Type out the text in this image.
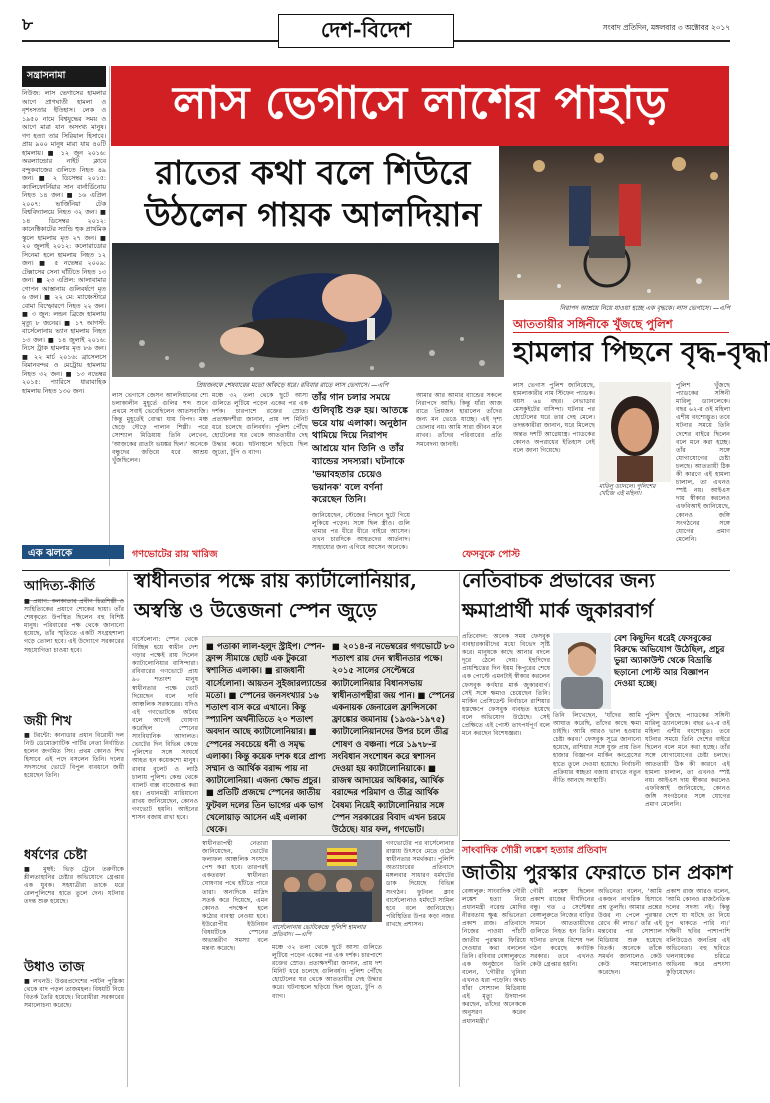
৮	দেশ-বিদেশ	সংবাদ প্রতিদিন, মঙ্গলবার ৩ অক্টোবর ২০১৭
সন্ত্রাসনামা
নিউজ: লাস ভেগাসের হামলার আগে প্রাণঘাতী হামলা ও নৃশংসতার ইতিহাস। লেক ও ১৯৫০ নামে বিশ্বযুদ্ধের সময় ও আগে মারা যান অসংখ্য মানুষ। গণ হত্যা তার সিরিয়াল হিসাবে। প্রায় ৯০০ মানুষ মারা যায় ৪০টি হামলায়। ■ ১২ জুন ২০১৬: অরল্যান্ডোর নাইট ক্লাবে বন্দুকবাজের গুলিতে নিহত ৪৯ জন। ■ ২ ডিসেম্বর ২০১৫: ক্যালিফোর্নিয়ার সান বার্নার্ডিনোয় নিহত ১৪ জন। ■ ১৬ এপ্রিল ২০০৭: ভার্জিনিয়া টেক বিশ্ববিদ্যালয়ে নিহত ৩২ জন। ■ ১৪ ডিসেম্বর ২০১২: কানেক্টিকাটের স্যান্ডি হুক প্রাথমিক স্কুলে হামলায় মৃত ২৭ জন। ■ ২০ জুলাই ২০১২: কলোরাডোর সিনেমা হলে হামলায় নিহত ১২ জন। ■ ৫ নভেম্বর ২০০৯: টেক্সাসের সেনা ঘাঁটিতে নিহত ১৩ জন। ■ ২৩ এপ্রিল: আলাবামার গোপন আস্তানায় গুলিবর্ষণে মৃত ৬ জন। ■ ২২ মে: ম্যাঞ্চেস্টারে বোমা বিস্ফোরণে নিহত ২২ জন। ■ ৩ জুন: লন্ডন ব্রিজে হামলায় মৃত্যু ৮ জনের। ■ ১৭ আগস্ট: বার্সেলোনায় ভ্যান হামলায় নিহত ১৩ জন। ■ ১৪ জুলাই ২০১৬: নিসে ট্রাক হামলায় মৃত ৮৬ জন। ■ ২২ মার্চ ২০১৬: ব্রাসেলসে বিমানবন্দর ও মেট্রোয় হামলায় নিহত ৩২ জন। ■ ১৩ নভেম্বর ২০১৫: প্যারিসে ধারাবাহিক হামলায় নিহত ১৩০ জন।
লাস ভেগাসে লাশের পাহাড়
রাতের কথা বলে শিউরে উঠলেন গায়ক আলদিয়ান
প্রিয়জনকে শেষবারের মতো আঁকড়ে ধরে। রবিবার রাতে লাস ভেগাসে। —এপি
লাস ভেগাসে জেসন আলদিয়ানের শো চলাকালীন মুহূর্তে গুলির শব্দ শুনে প্রথমে সবাই ভেবেছিলেন আতসবাজি। কিন্তু মুহূর্তেই বোঝা যায় বিপদ। মঞ্চ ছেড়ে দৌড়ে পালান শিল্পী। পরে সোশ্যাল মিডিয়ায় তিনি লেখেন, 'আজকের রাতটা ভয়ঙ্কর ছিল।' অনেকে বন্ধুদের জড়িয়ে ধরে আশ্রয় খুঁজছিলেন।
মঞ্চে ৩২ তলা থেকে ছুটে আসা গুলিতে লুটিয়ে পড়েন একের পর এক দর্শক। চারপাশে রক্তের স্রোত। প্রত্যক্ষদর্শীরা জানান, প্রায় দশ মিনিট ধরে চলেছে গুলিবর্ষণ। পুলিশ পৌঁছে হোটেলের ঘর থেকে আততায়ীর দেহ উদ্ধার করে। ঘটনাস্থলে ছড়িয়ে ছিল জুতো, টুপি ও ব্যাগ।
তাঁর গান চলার সময়ে গুলিবৃষ্টি শুরু হয়। আতঙ্কে ভরে যায় এলাকা। অনুষ্ঠান থামিয়ে দিয়ে নিরাপদ আশ্রয়ে যান তিনি ও তাঁর ব্যান্ডের সদস্যরা। ঘটনাকে 'ভয়াবহতার চেয়েও ভয়ানক' বলে বর্ণনা করেছেন তিনি।
জানিয়েছেন, স্টেজের পিছনে ছুটে গিয়ে লুকিয়ে পড়েন। সঙ্গে ছিল স্ত্রীও। গুলি থামার পর ধীরে ধীরে বাইরে আসেন। তখন চারদিকে আহতদের আর্তনাদ। সাহায্যের জন্য এগিয়ে আসেন অনেকে।
আমার আর আমার ব্যান্ডের সকলে নিরাপদে আছি। কিন্তু যাঁরা আজ রাতে প্রিয়জন হারালেন তাঁদের জন্য মন ভেঙে যাচ্ছে। এই দৃশ্য ভোলার নয়। আমি সারা জীবন মনে রাখব। তাঁদের পরিবারের প্রতি সমবেদনা জানাই।
নিরাপদ আশ্রয়ে নিয়ে যাওয়া হচ্ছে এক বৃদ্ধকে। লাস ভেগাসে। —এপি
আততায়ীর সঙ্গিনীকে খুঁজছে পুলিশ
হামলার পিছনে বৃদ্ধ-বৃদ্ধা
লাস ভেগাস পুলিশ জানিয়েছে, হামলাকারীর নাম স্টিফেন প্যাডক। বয়স ৬৪ বছর। নেভাডার মেসকুইটের বাসিন্দা। ঘটনার পর হোটেলের ঘরে তার দেহ মেলে। তদন্তকারীরা জানান, ঘরে মিলেছে অন্তত দশটি আগ্নেয়াস্ত্র। প্যাডকের কোনও অপরাধের ইতিহাস নেই বলে জানা গিয়েছে।
মারিলু ড্যানলে। পুলিশের খোঁজে এই মহিলা।
পুলিশ খুঁজছে প্যাডকের সঙ্গিনী মারিলু ড্যানলেকে। বছর ৬২-র ওই মহিলা এশীয় বংশোদ্ভূত। তবে ঘটনার সময়ে তিনি দেশের বাইরে ছিলেন বলে মনে করা হচ্ছে। তাঁর সঙ্গে যোগাযোগের চেষ্টা চলছে। আততায়ী ঠিক কী কারণে এই হামলা চালাল, তা এখনও স্পষ্ট নয়। আইএস দায় স্বীকার করলেও এফবিআই জানিয়েছে, কোনও জঙ্গি সংগঠনের সঙ্গে যোগের প্রমাণ মেলেনি।
এক ঝলকে
আদিত্য-কীর্তি
■ প্রয়াণ: কলকাতার প্রবীণ চিত্রশিল্পী ও সাহিত্যিকের প্রয়াণে শোকের ছায়া। তাঁর শেষকৃত্যে উপস্থিত ছিলেন বহু বিশিষ্ট মানুষ। পরিবারের পক্ষ থেকে জানানো হয়েছে, তাঁর স্মৃতিতে একটি সংগ্রহশালা গড়ে তোলা হবে। এই উদ্যোগে সরকারের সহযোগিতা চাওয়া হবে।
জয়ী শিখ
■ টরন্টো: কানাডার প্রধান বিরোধী দল নিউ ডেমোক্র্যাটিক পার্টির নেতা নির্বাচিত হলেন জগমিত সিং। প্রথম কোনও শিখ হিসাবে এই পদে বসলেন তিনি। দলের সদস্যদের ভোটে বিপুল ব্যবধানে জয়ী হয়েছেন তিনি।
ধর্ষণের চেষ্টা
■ মুম্বই: ভিড় ট্রেনে তরুণীকে শ্লীলতাহানির চেষ্টার অভিযোগে গ্রেপ্তার এক যুবক। সহযাত্রীরা তাকে ধরে রেলপুলিশের হাতে তুলে দেন। ঘটনার তদন্ত শুরু হয়েছে।
উধাও তাজ
■ লখনউ: উত্তরপ্রদেশের পর্যটন পুস্তিকা থেকে বাদ পড়ল তাজমহল। বিষয়টি নিয়ে বিতর্ক তৈরি হয়েছে। বিরোধীরা সরকারের সমালোচনা করেছে।
গণভোটের রায় খারিজ
স্বাধীনতার পক্ষে রায় ক্যাটালোনিয়ার, অস্বস্তি ও উত্তেজনা স্পেন জুড়ে
বার্সেলোনা: স্পেন থেকে বিচ্ছিন্ন হয়ে স্বাধীন দেশ গড়ার পক্ষেই রায় দিলেন ক্যাটালোনিয়ার বাসিন্দারা। রবিবারের গণভোটে প্রায় ৯০ শতাংশ মানুষ স্বাধীনতার পক্ষে ভোট দিয়েছেন বলে দাবি আঞ্চলিক সরকারের। যদিও এই গণভোটকে অবৈধ বলে আগেই ঘোষণা করেছিল স্পেনের সাংবিধানিক আদালত। ভোটের দিন বিভিন্ন কেন্দ্রে পুলিশের সঙ্গে সংঘর্ষে আহত হন কয়েকশো মানুষ। রাবার বুলেট ও লাঠি চালায় পুলিশ। কেন্দ্র থেকে ব্যালট বাক্স বাজেয়াপ্ত করা হয়। প্রধানমন্ত্রী মারিয়ানো রাখয় জানিয়েছেন, কোনও গণভোট হয়নি। আইনের শাসন বজায় রাখা হবে।
■ পতাকা লাল-হলুদ স্ট্রাইপ। স্পেন-ফ্রান্স সীমান্তে ছোট এক টুকরো স্বশাসিত এলাকা। ■ রাজধানী বার্সেলোনা। আয়তন সুইজারল্যান্ডের মতো। ■ স্পেনের জনসংখ্যার ১৬ শতাংশ বাস করে এখানে। কিন্তু স্প্যানিশ অর্থনীতিতে ২০ শতাংশ অবদান আছে ক্যাটালোনিয়ার। ■ স্পেনের সবচেয়ে ধনী ও সমৃদ্ধ এলাকা। কিন্তু কয়েক দশক ধরে প্রাপ্য সম্মান ও আর্থিক বরাদ্দ পায় না ক্যাটালোনিয়া। এজন্য ক্ষোভ প্রচুর। ■ প্রতিটি প্রজন্মে স্পেনের জাতীয় ফুটবল দলের তিন ভাগের এক ভাগ খেলোয়াড় আসেন এই এলাকা থেকে।
■ ২০১৪-র নভেম্বরের গণভোটে ৮০ শতাংশ রায় দেন স্বাধীনতার পক্ষে। ২০১৫ সালের সেপ্টেম্বরে ক্যাটালোনিয়ার বিধানসভায় স্বাধীনতাপন্থীরা জয় পান। ■ স্পেনের একনায়ক জেনারেল ফ্রান্সিসকো ফ্রাঙ্কোর জমানায় (১৯৩৯-১৯৭৫) ক্যাটালোনিয়ানদের উপর চলে তীব্র শোষণ ও বঞ্চনা। পরে ১৯৭৮-র সংবিধান সংশোধন করে স্বশাসন দেওয়া হয় ক্যাটালোনিয়াকে। ■ রাজস্ব আদায়ের অধিকার, আর্থিক বরাদ্দের পরিমাণ ও তীব্র আর্থিক বৈষম্য নিয়েই ক্যাটালোনিয়ার সঙ্গে স্পেন সরকারের বিবাদ এখন চরমে উঠেছে। যার ফল, গণভোট।
স্বাধীনতাপন্থী নেতারা জানিয়েছেন, ভোটের ফলাফল আঞ্চলিক সংসদে পেশ করা হবে। তারপরই একতরফা স্বাধীনতা ঘোষণার পথে হাঁটতে পারে তারা। অন্যদিকে মাদ্রিদ সতর্ক করে দিয়েছে, এমন কোনও পদক্ষেপ হলে কঠোর ব্যবস্থা নেওয়া হবে। ইউরোপীয় ইউনিয়ন বিষয়টিকে স্পেনের অভ্যন্তরীণ সমস্যা বলে মন্তব্য করেছে।
বার্সেলোনায় ভোটকেন্দ্রে পুলিশি হামলার প্রতিবাদ। —এপি
গণভোটের পর বার্সেলোনার রাস্তায় উৎসবে মেতে ওঠেন স্বাধীনতার সমর্থকরা। পুলিশি অত্যাচারের প্রতিবাদে মঙ্গলবার সাধারণ ধর্মঘটের ডাক দিয়েছে বিভিন্ন সংগঠন। ফুটবল ক্লাব বার্সেলোনাও ধর্মঘটে সামিল হবে বলে জানিয়েছে। পরিস্থিতির উপর কড়া নজর রাখছে প্রশাসন।
মঞ্চে ৩২ তলা থেকে ছুটে আসা গুলিতে লুটিয়ে পড়েন একের পর এক দর্শক। চারপাশে রক্তের স্রোত। প্রত্যক্ষদর্শীরা জানান, প্রায় দশ মিনিট ধরে চলেছে গুলিবর্ষণ। পুলিশ পৌঁছে হোটেলের ঘর থেকে আততায়ীর দেহ উদ্ধার করে। ঘটনাস্থলে ছড়িয়ে ছিল জুতো, টুপি ও ব্যাগ।
ফেসবুকে পোস্ট
নেতিবাচক প্রভাবের জন্য ক্ষমাপ্রার্থী মার্ক জুকারবার্গ
প্রতিবেদন: অনেক সময় ফেসবুক ব্যবহারকারীদের মধ্যে বিভেদ সৃষ্টি করে। মানুষকে কাছে আনার বদলে দূরে ঠেলে দেয়। ইহুদিদের প্রায়শ্চিত্তের দিন ইয়ম কিপুরের শেষে এক পোস্টে এমনটাই স্বীকার করলেন ফেসবুক কর্ণধার মার্ক জুকারবার্গ। সেই সঙ্গে ক্ষমাও চেয়েছেন তিনি। মার্কিন প্রেসিডেন্ট নির্বাচনে রাশিয়ার হস্তক্ষেপে ফেসবুক ব্যবহৃত হয়েছে বলে অভিযোগ উঠেছে। সেই প্রেক্ষিতে এই পোস্ট তাৎপর্যপূর্ণ বলে মনে করছেন বিশেষজ্ঞরা।
বেশ কিছুদিন ধরেই ফেসবুকের বিরুদ্ধে অভিযোগ উঠেছিল, প্রচুর ভুয়া অ্যাকাউন্ট থেকে বিভ্রান্তি ছড়ানো পোস্ট আর বিজ্ঞাপন দেওয়া হচ্ছে।
তিনি লিখেছেন, 'যাঁদের আমি আঘাত করেছি, তাঁদের কাছে ক্ষমা চাইছি। আমি আরও ভাল হওয়ার চেষ্টা করব।' ফেসবুক সূত্রে জানানো হয়েছে, রাশিয়ার সঙ্গে যুক্ত প্রায় তিন হাজার বিজ্ঞাপন মার্কিন কংগ্রেসের হাতে তুলে দেওয়া হয়েছে। নির্বাচনী প্রক্রিয়ার স্বচ্ছতা বজায় রাখতে নতুন নীতি আনছে সংস্থাটি।
পুলিশ খুঁজছে প্যাডকের সঙ্গিনী মারিলু ড্যানলেকে। বছর ৬২-র ওই মহিলা এশীয় বংশোদ্ভূত। তবে ঘটনার সময়ে তিনি দেশের বাইরে ছিলেন বলে মনে করা হচ্ছে। তাঁর সঙ্গে যোগাযোগের চেষ্টা চলছে। আততায়ী ঠিক কী কারণে এই হামলা চালাল, তা এখনও স্পষ্ট নয়। আইএস দায় স্বীকার করলেও এফবিআই জানিয়েছে, কোনও জঙ্গি সংগঠনের সঙ্গে যোগের প্রমাণ মেলেনি।
সাংবাদিক গৌরী লঙ্কেশ হত্যার প্রতিবাদ
জাতীয় পুরস্কার ফেরাতে চান প্রকাশ
বেঙ্গালুরু: সাংবাদিক গৌরী লঙ্কেশ হত্যা নিয়ে প্রধানমন্ত্রী নরেন্দ্র মোদির নীরবতায় ক্ষুব্ধ অভিনেতা প্রকাশ রাজ। প্রতিবাদে নিজের পাওয়া পাঁচটি জাতীয় পুরস্কার ফিরিয়ে দেওয়ার কথা বললেন তিনি। রবিবার বেঙ্গালুরুতে এক অনুষ্ঠানে তিনি বলেন, 'গৌরীর খুনিরা এখনও ধরা পড়েনি। অথচ যাঁরা সোশ্যাল মিডিয়ায় এই মৃত্যু উদযাপন করছেন, তাঁদের অনেককে অনুসরণ করেন প্রধানমন্ত্রী।'
গৌরী লঙ্কেশ ছিলেন প্রকাশ রাজের দীর্ঘদিনের বন্ধু। গত ৫ সেপ্টেম্বর বেঙ্গালুরুতে নিজের বাড়ির সামনে আততায়ীদের গুলিতে নিহত হন তিনি। ঘটনার তদন্তে বিশেষ দল গঠন করেছে কর্ণাটক সরকার। তবে এখনও কেউ গ্রেপ্তার হয়নি।
অভিনেতা বলেন, 'আমি একজন নাগরিক হিসাবে প্রশ্ন তুলছি। আমার প্রশ্নের উত্তর না পেলে পুরস্কার রেখে কী লাভ।' তাঁর এই মন্তব্যের পর সোশ্যাল মিডিয়ায় শুরু হয়েছে বিতর্ক। অনেকে তাঁকে সমর্থন জানালেও কেউ কেউ সমালোচনাও করেছেন।
প্রকাশ রাজ আরও বলেন, 'আমি কোনও রাজনৈতিক দলের সদস্য নই। কিন্তু দেশে যা ঘটছে তা নিয়ে চুপ থাকতে পারি না।' দক্ষিণী ছবির পাশাপাশি বলিউডেও জনপ্রিয় এই অভিনেতা। বহু ছবিতে খলনায়কের চরিত্রে অভিনয় করে প্রশংসা কুড়িয়েছেন।
